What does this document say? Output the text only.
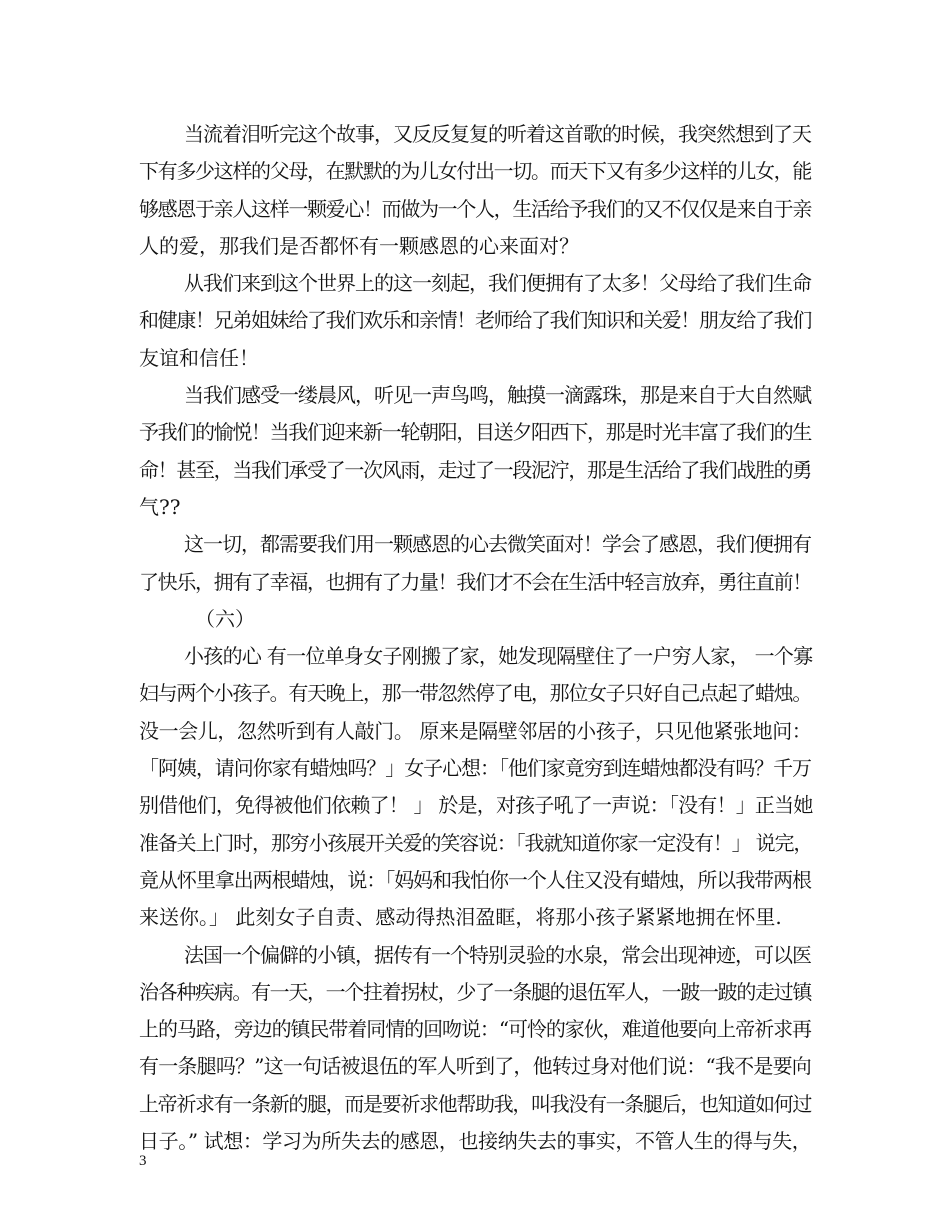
当流着泪听完这个故事，又反反复复的听着这首歌的时候，我突然想到了天
下有多少这样的父母，在默默的为儿女付出一切。而天下又有多少这样的儿女，能
够感恩于亲人这样一颗爱心！而做为一个人，生活给予我们的又不仅仅是来自于亲
人的爱，那我们是否都怀有一颗感恩的心来面对？
从我们来到这个世界上的这一刻起，我们便拥有了太多！父母给了我们生命
和健康！兄弟姐妹给了我们欢乐和亲情！老师给了我们知识和关爱！朋友给了我们
友谊和信任！
当我们感受一缕晨风，听见一声鸟鸣，触摸一滴露珠，那是来自于大自然赋
予我们的愉悦！当我们迎来新一轮朝阳，目送夕阳西下，那是时光丰富了我们的生
命！甚至，当我们承受了一次风雨，走过了一段泥泞，那是生活给了我们战胜的勇
气??
这一切，都需要我们用一颗感恩的心去微笑面对！学会了感恩，我们便拥有
了快乐，拥有了幸福，也拥有了力量！我们才不会在生活中轻言放弃，勇往直前！
（六）
小孩的心 有一位单身女子刚搬了家，她发现隔壁住了一户穷人家， 一个寡
妇与两个小孩子。有天晚上，那一带忽然停了电，那位女子只好自己点起了蜡烛。
没一会儿，忽然听到有人敲门。 原来是隔壁邻居的小孩子，只见他紧张地问：
「阿姨，请问你家有蜡烛吗？」女子心想：「他们家竟穷到连蜡烛都没有吗？千万
别借他们，免得被他们依赖了！ 」 於是，对孩子吼了一声说：「没有！」正当她
准备关上门时，那穷小孩展开关爱的笑容说：「我就知道你家一定没有！」 说完，
竟从怀里拿出两根蜡烛，说：「妈妈和我怕你一个人住又没有蜡烛，所以我带两根
来送你。」 此刻女子自责、感动得热泪盈眶，将那小孩子紧紧地拥在怀里.
法国一个偏僻的小镇，据传有一个特别灵验的水泉，常会出现神迹，可以医
治各种疾病。有一天，一个拄着拐杖，少了一条腿的退伍军人，一跛一跛的走过镇
上的马路，旁边的镇民带着同情的回吻说：“可怜的家伙，难道他要向上帝祈求再
有一条腿吗？”这一句话被退伍的军人听到了，他转过身对他们说：“我不是要向
上帝祈求有一条新的腿，而是要祈求他帮助我，叫我没有一条腿后，也知道如何过
日子。” 试想：学习为所失去的感恩，也接纳失去的事实，不管人生的得与失，
3
